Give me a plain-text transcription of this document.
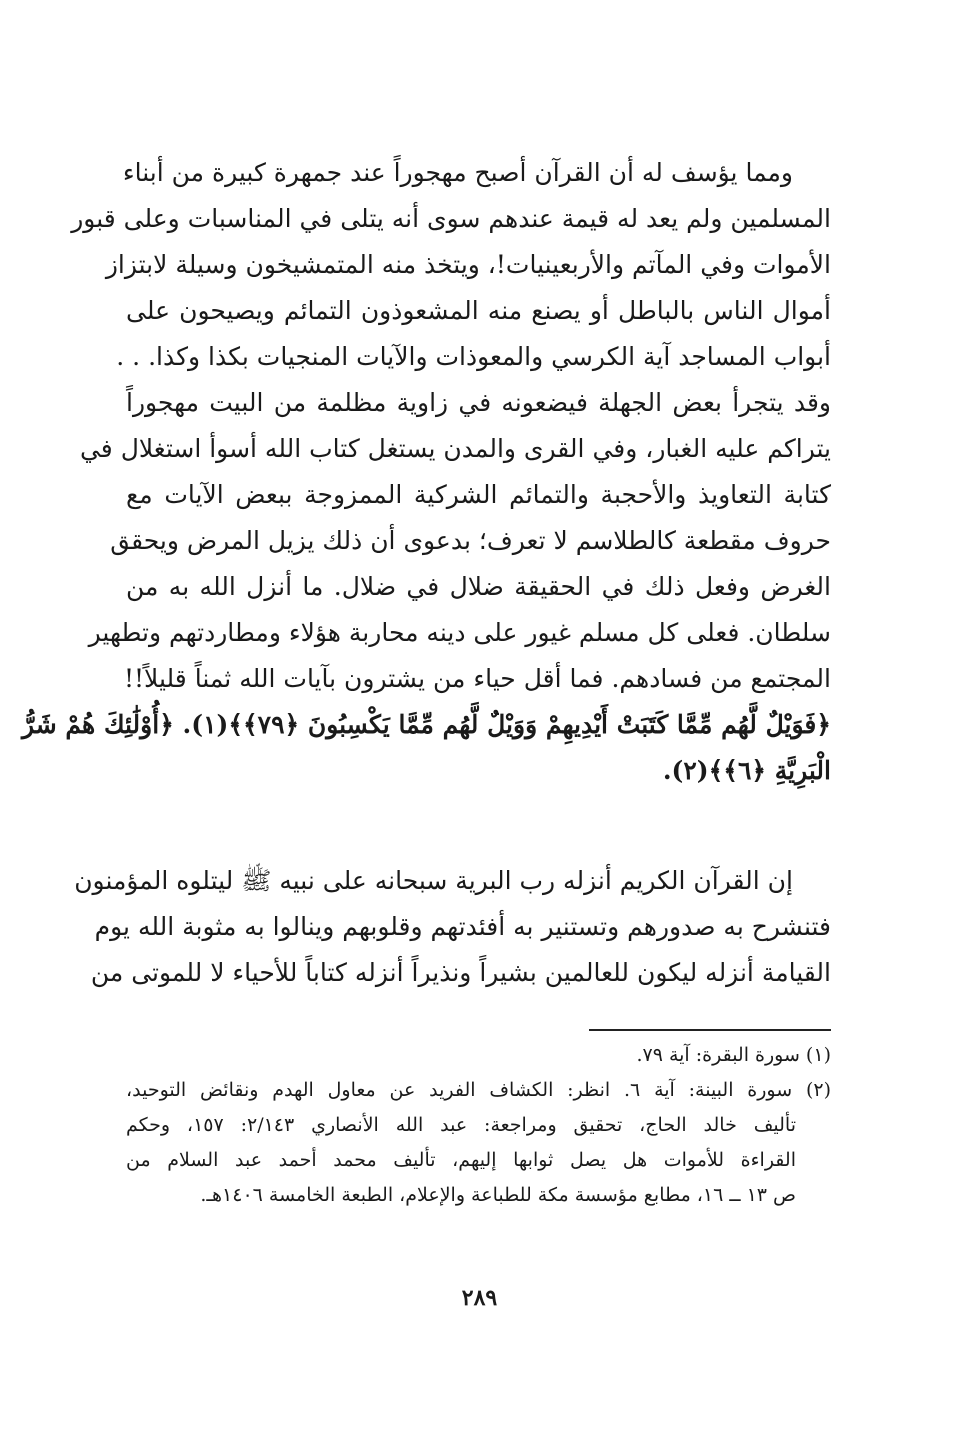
ومما يؤسف له أن القرآن أصبح مهجوراً عند جمهرة كبيرة من أبناء
المسلمين ولم يعد له قيمة عندهم سوى أنه يتلى في المناسبات وعلى قبور
الأموات وفي المآتم والأربعينيات!، ويتخذ منه المتمشيخون وسيلة لابتزاز
أموال الناس بالباطل أو يصنع منه المشعوذون التمائم ويصيحون على
أبواب المساجد آية الكرسي والمعوذات والآيات المنجيات بكذا وكذا. . .
وقد يتجرأ بعض الجهلة فيضعونه في زاوية مظلمة من البيت مهجوراً
يتراكم عليه الغبار، وفي القرى والمدن يستغل كتاب الله أسوأ استغلال في
كتابة التعاويذ والأحجبة والتمائم الشركية الممزوجة ببعض الآيات مع
حروف مقطعة كالطلاسم لا تعرف؛ بدعوى أن ذلك يزيل المرض ويحقق
الغرض وفعل ذلك في الحقيقة ضلال في ضلال. ما أنزل الله به من
سلطان. فعلى كل مسلم غيور على دينه محاربة هؤلاء ومطاردتهم وتطهير
المجتمع من فسادهم. فما أقل حياء من يشترون بآيات الله ثمناً قليلاً!!
﴿فَوَيْلٌ لَّهُم مِّمَّا كَتَبَتْ أَيْدِيهِمْ وَوَيْلٌ لَّهُم مِّمَّا يَكْسِبُونَ ﴿٧٩﴾﴾(١). ﴿أُوْلَٰئِكَ هُمْ شَرُّ
الْبَرِيَّةِ ﴿٦﴾﴾(٢).
إن القرآن الكريم أنزله رب البرية سبحانه على نبيه ﷺ ليتلوه المؤمنون
فتنشرح به صدورهم وتستنير به أفئدتهم وقلوبهم وينالوا به مثوبة الله يوم
القيامة أنزله ليكون للعالمين بشيراً ونذيراً أنزله كتاباً للأحياء لا للموتى من
(١) سورة البقرة: آية ٧٩.
(٢) سورة البينة: آية ٦. انظر: الكشاف الفريد عن معاول الهدم ونقائض التوحيد،
تأليف خالد الحاج، تحقيق ومراجعة: عبد الله الأنصاري ٢/١٤٣: ١٥٧، وحكم
القراءة للأموات هل يصل ثوابها إليهم، تأليف محمد أحمد عبد السلام من
ص ١٣ ــ ١٦، مطابع مؤسسة مكة للطباعة والإعلام، الطبعة الخامسة ١٤٠٦هـ.
٢٨٩
